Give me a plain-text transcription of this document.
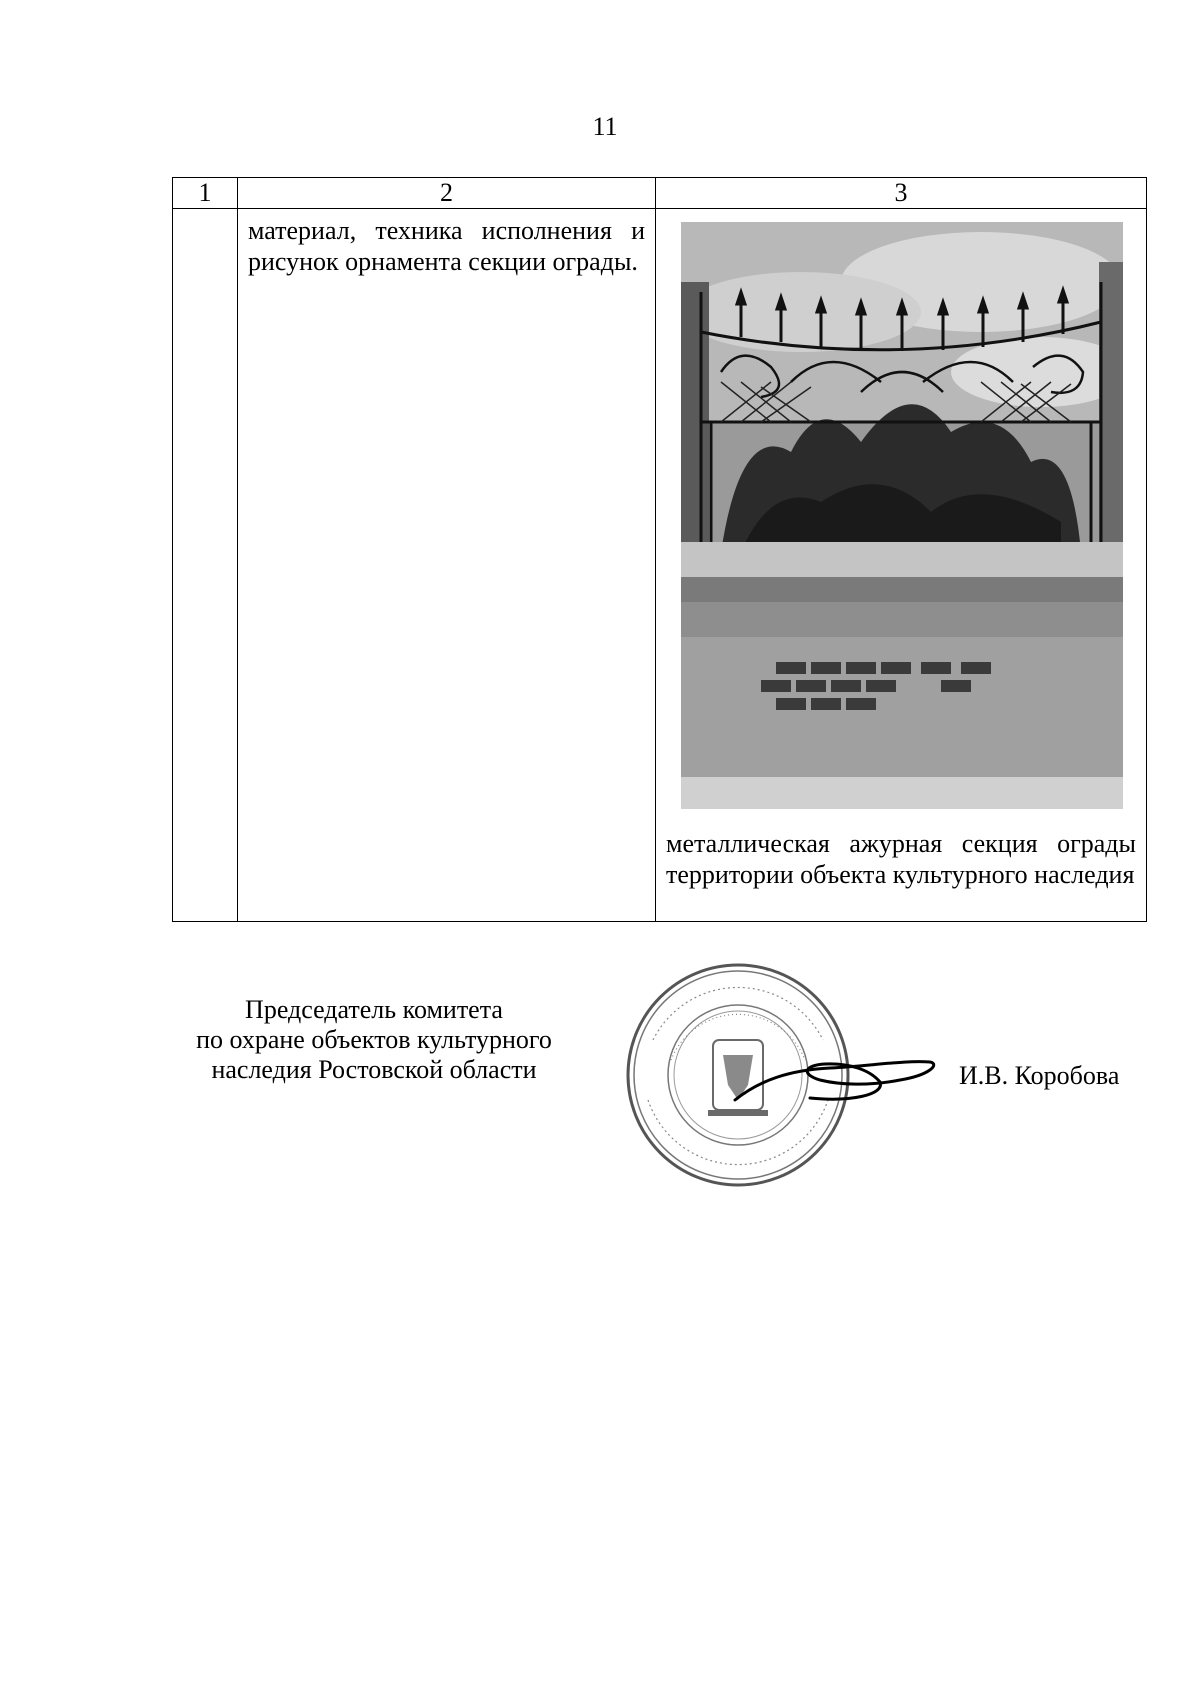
11
1	2	3

	материал, техника исполнения и рисунок орнамента секции ограды.	металлическая ажурная секция ограды территории объекта культурного наследия
Председатель комитета
по охране объектов культурного
наследия Ростовской области	И.В. Коробова
